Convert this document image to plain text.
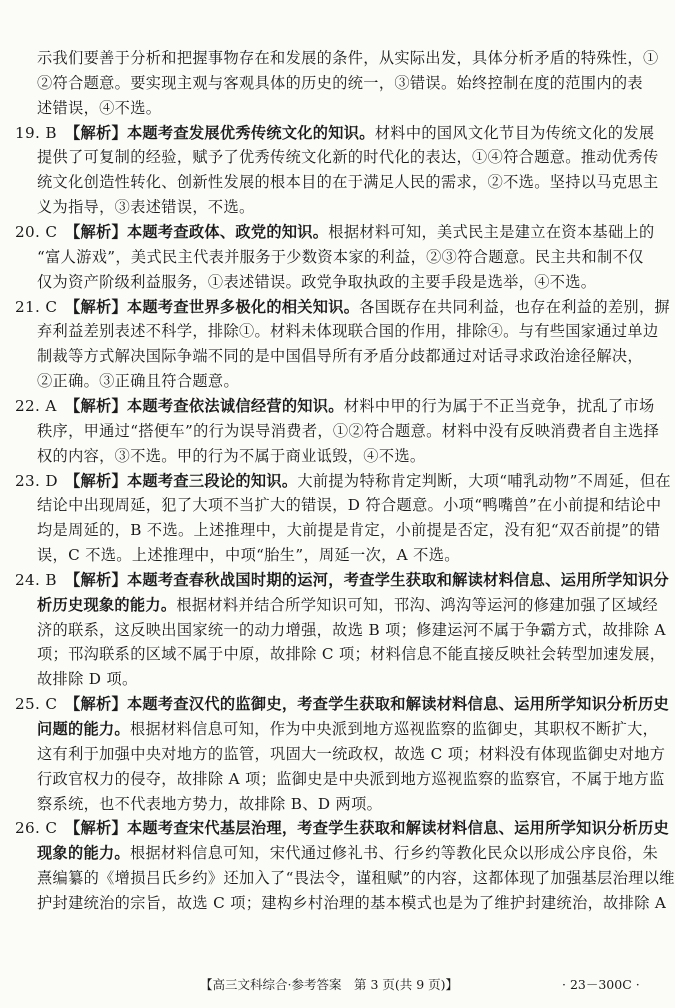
示我们要善于分析和把握事物存在和发展的条件，从实际出发，具体分析矛盾的特殊性，①
②符合题意。要实现主观与客观具体的历史的统一，③错误。始终控制在度的范围内的表
述错误，④不选。
19. B 【解析】本题考查发展优秀传统文化的知识。材料中的国风文化节目为传统文化的发展
提供了可复制的经验，赋予了优秀传统文化新的时代化的表达，①④符合题意。推动优秀传
统文化创造性转化、创新性发展的根本目的在于满足人民的需求，②不选。坚持以马克思主
义为指导，③表述错误，不选。
20. C 【解析】本题考查政体、政党的知识。根据材料可知，美式民主是建立在资本基础上的
“富人游戏”，美式民主代表并服务于少数资本家的利益，②③符合题意。民主共和制不仅
仅为资产阶级利益服务，①表述错误。政党争取执政的主要手段是选举，④不选。
21. C 【解析】本题考查世界多极化的相关知识。各国既存在共同利益，也存在利益的差别，摒
弃利益差别表述不科学，排除①。材料未体现联合国的作用，排除④。与有些国家通过单边
制裁等方式解决国际争端不同的是中国倡导所有矛盾分歧都通过对话寻求政治途径解决，
②正确。③正确且符合题意。
22. A 【解析】本题考查依法诚信经营的知识。材料中甲的行为属于不正当竞争，扰乱了市场
秩序，甲通过“搭便车”的行为误导消费者，①②符合题意。材料中没有反映消费者自主选择
权的内容，③不选。甲的行为不属于商业诋毁，④不选。
23. D 【解析】本题考查三段论的知识。大前提为特称肯定判断，大项“哺乳动物”不周延，但在
结论中出现周延，犯了大项不当扩大的错误，D 符合题意。小项“鸭嘴兽”在小前提和结论中
均是周延的，B 不选。上述推理中，大前提是肯定，小前提是否定，没有犯“双否前提”的错
误，C 不选。上述推理中，中项“胎生”，周延一次，A 不选。
24. B 【解析】本题考查春秋战国时期的运河，考查学生获取和解读材料信息、运用所学知识分
析历史现象的能力。根据材料并结合所学知识可知，邗沟、鸿沟等运河的修建加强了区域经
济的联系，这反映出国家统一的动力增强，故选 B 项；修建运河不属于争霸方式，故排除 A
项；邗沟联系的区域不属于中原，故排除 C 项；材料信息不能直接反映社会转型加速发展，
故排除 D 项。
25. C 【解析】本题考查汉代的监御史，考查学生获取和解读材料信息、运用所学知识分析历史
问题的能力。根据材料信息可知，作为中央派到地方巡视监察的监御史，其职权不断扩大，
这有利于加强中央对地方的监管，巩固大一统政权，故选 C 项；材料没有体现监御史对地方
行政官权力的侵夺，故排除 A 项；监御史是中央派到地方巡视监察的监察官，不属于地方监
察系统，也不代表地方势力，故排除 B、D 两项。
26. C 【解析】本题考查宋代基层治理，考查学生获取和解读材料信息、运用所学知识分析历史
现象的能力。根据材料信息可知，宋代通过修礼书、行乡约等教化民众以形成公序良俗，朱
熹编纂的《增损吕氏乡约》还加入了“畏法令，谨租赋”的内容，这都体现了加强基层治理以维
护封建统治的宗旨，故选 C 项；建构乡村治理的基本模式也是为了维护封建统治，故排除 A
【高三文科综合·参考答案　第 3 页(共 9 页)】	· 23－300C ·
